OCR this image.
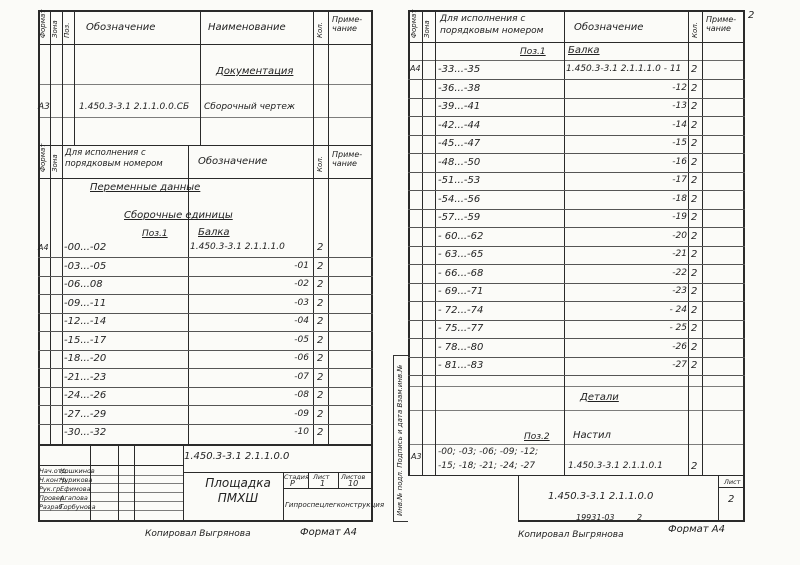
Формат Зона Поз. Обозначение	Наименование	Кол.
Приме-чание
Документация
А3	1.450.3-3.1 2.1.1.0.0.СБ Сборочный чертеж
Формат Зона
Для исполнения с порядковым номером	Обозначение	Кол.
Приме-чание
Переменные данные
Сборочные единицы
Поз.1	Балка
А4 -00...-02	1.450.3-3.1 2.1.1.1.0	2
-03...-05	-01 2
-06...08	-02 2
-09...-11	-03 2
-12...-14	-04 2
-15...-17	-05 2
-18...-20	-06 2
-21...-23	-07 2
-24...-26	-08 2
-27...-29	-09 2
-30...-32	-10 2
1.450.3-3.1 2.1.1.0.0
Площадка ПМХШ
Стадия Лист Листов
Р	1	10
Гипроспецлегконструкция
Нач.отд.
Кошкинов
Н.контр.
Чурикова
Рук.гр.
Ефимова
Провер.
Агапова
Разраб.
Горбунова
Копировал Выгрянова	Формат А4
Формат Зона
Для исполнения с порядковым номером	Обозначение	Кол.
Приме-чание
2
Поз.1 Балка
А4 -33...-35	1.450.3-3.1 2.1.1.1.0 - 11 2
-36...-38	-12 2
-39...-41	-13 2
-42...-44	-14 2
-45...-47	-15 2
-48...-50	-16 2
-51...-53	-17 2
-54...-56	-18 2
-57...-59	-19 2
- 60...-62	-20 2
- 63...-65	-21 2
- 66...-68	-22 2
- 69...-71	-23 2
- 72...-74	- 24 2
- 75...-77	- 25 2
- 78...-80	-26 2
- 81...-83	-27 2
Детали
Поз.2 Настил
А3 -00; -03; -06; -09; -12;
-15; -18; -21; -24; -27	1.450.3-3.1 2.1.1.0.1	2
1.450.3-3.1 2.1.1.0.0
Лист
2
Инв.№ подл. Подпись и дата Взам.инв.№
19931-03	2
Копировал Выгрянова	Формат А4
